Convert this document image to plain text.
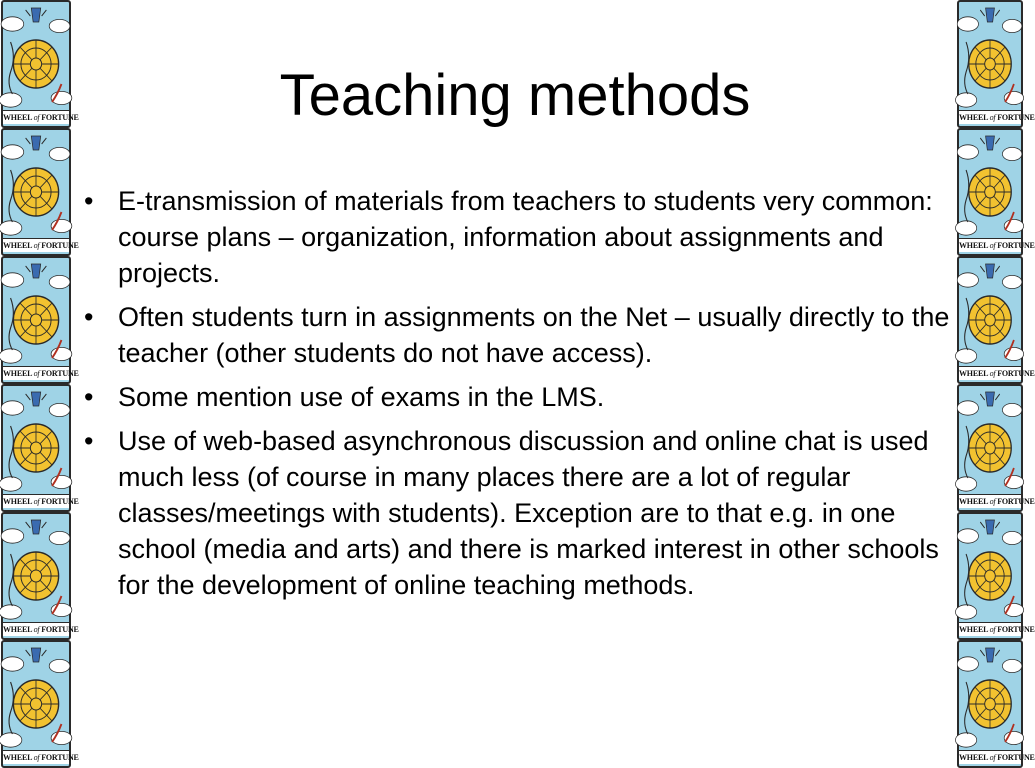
WHEEL of FORTUNE
WHEEL of FORTUNE
WHEEL of FORTUNE
WHEEL of FORTUNE
WHEEL of FORTUNE
WHEEL of FORTUNE
WHEEL of FORTUNE
WHEEL of FORTUNE
WHEEL of FORTUNE
WHEEL of FORTUNE
WHEEL of FORTUNE
WHEEL of FORTUNE
Teaching methods
• E-transmission of materials from teachers to students very common: course plans – organization, information about assignments and projects.
• Often students turn in assignments on the Net – usually directly to the teacher (other students do not have access).
• Some mention use of exams in the LMS.
• Use of web-based asynchronous discussion and online chat is used much less (of course in many places there are a lot of regular classes/meetings with students). Exception are to that e.g. in one school (media and arts) and there is marked interest in other schools for the development of online teaching methods.
